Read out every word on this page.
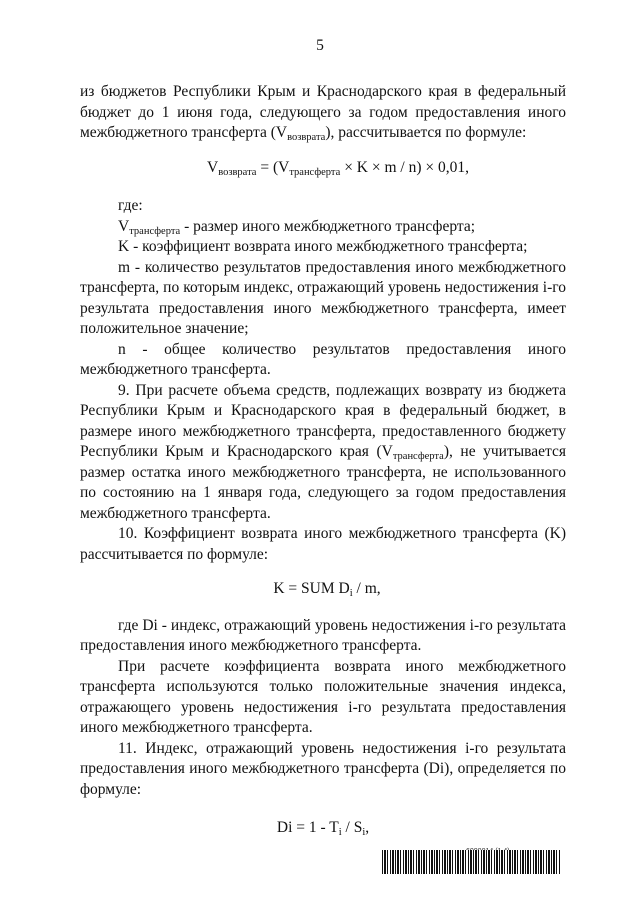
5

из бюджетов Республики Крым и Краснодарского края в федеральный бюджет до 1 июня года, следующего за годом предоставления иного межбюджетного трансферта $(V_{возврата})$, рассчитывается по формуле:

$V_{возврата} = (V_{трансферта} \times K \times m / n) \times 0,01$,

где:

$V_{трансферта}$ - размер иного межбюджетного трансферта;

K - коэффициент возврата иного межбюджетного трансферта;

m - количество результатов предоставления иного межбюджетного трансферта, по которым индекс, отражающий уровень недостижения i-го результата предоставления иного межбюджетного трансферта, имеет положительное значение;

n - общее количество результатов предоставления иного межбюджетного трансферта.

9. При расчете объема средств, подлежащих возврату из бюджета Республики Крым и Краснодарского края в федеральный бюджет, в размере иного межбюджетного трансферта, предоставленного бюджету Республики Крым и Краснодарского края $(V_{трансферта})$, не учитывается размер остатка иного межбюджетного трансферта, не использованного по состоянию на 1 января года, следующего за годом предоставления межбюджетного трансферта.

10. Коэффициент возврата иного межбюджетного трансферта (K) рассчитывается по формуле:

K = SUM $D_i$ / m,

где Di - индекс, отражающий уровень недостижения i-го результата предоставления иного межбюджетного трансферта.

При расчете коэффициента возврата иного межбюджетного трансферта используются только положительные значения индекса, отражающего уровень недостижения i-го результата предоставления иного межбюджетного трансферта.

11. Индекс, отражающий уровень недостижения i-го результата предоставления иного межбюджетного трансферта (Di), определяется по формуле:

$Di = 1 - T_i / S_i$,
